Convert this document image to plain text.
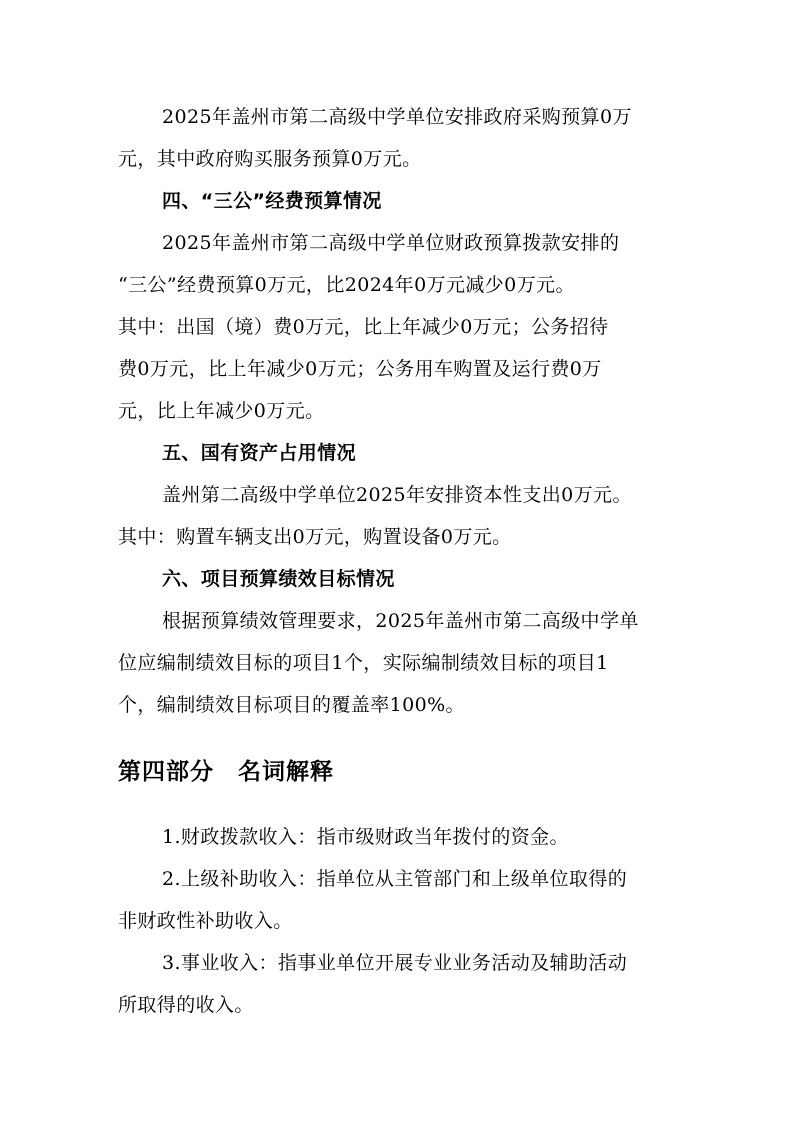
2025年盖州市第二高级中学单位安排政府采购预算0万
元，其中政府购买服务预算0万元。
四、“三公”经费预算情况
2025年盖州市第二高级中学单位财政预算拨款安排的
“三公”经费预算0万元，比2024年0万元减少0万元。
其中：出国（境）费0万元，比上年减少0万元；公务招待
费0万元，比上年减少0万元；公务用车购置及运行费0万
元，比上年减少0万元。
五、国有资产占用情况
盖州第二高级中学单位2025年安排资本性支出0万元。
其中：购置车辆支出0万元，购置设备0万元。
六、项目预算绩效目标情况
根据预算绩效管理要求，2025年盖州市第二高级中学单
位应编制绩效目标的项目1个，实际编制绩效目标的项目1
个，编制绩效目标项目的覆盖率100%。
第四部分　名词解释
1.财政拨款收入：指市级财政当年拨付的资金。
2.上级补助收入：指单位从主管部门和上级单位取得的
非财政性补助收入。
3.事业收入：指事业单位开展专业业务活动及辅助活动
所取得的收入。
